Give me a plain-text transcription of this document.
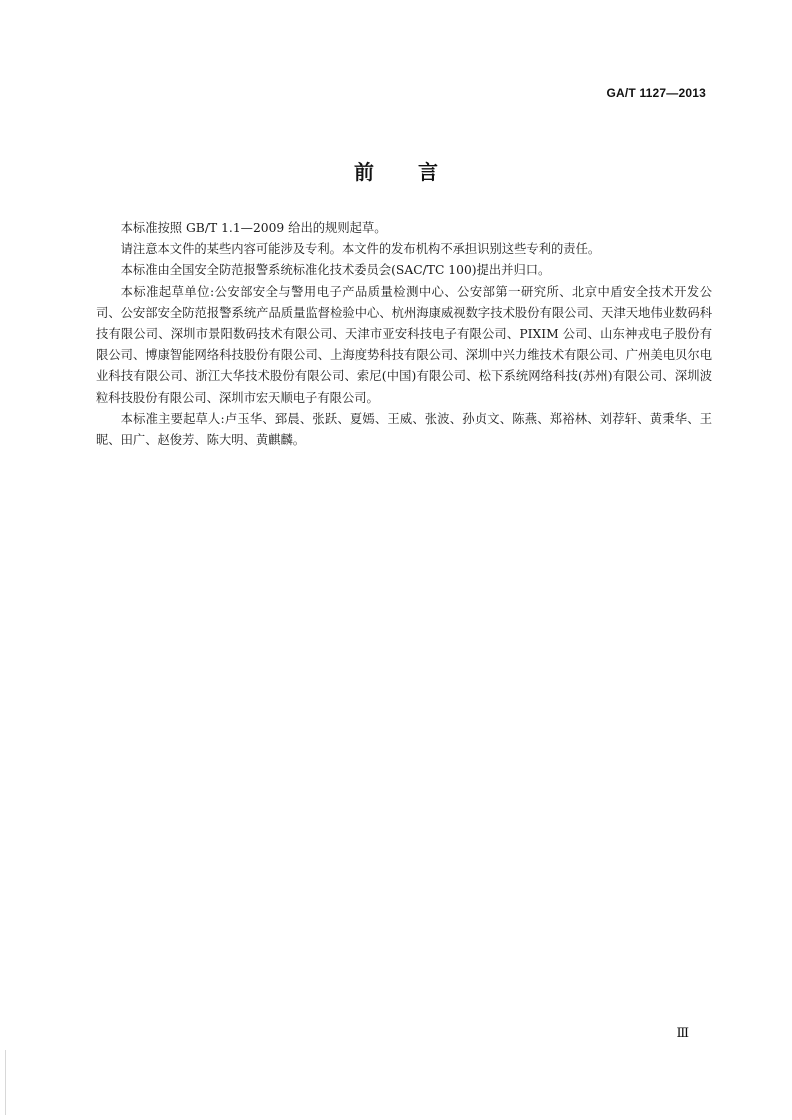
GA/T 1127—2013
前言

本标准按照 GB/T 1.1—2009 给出的规则起草。

请注意本文件的某些内容可能涉及专利。本文件的发布机构不承担识别这些专利的责任。

本标准由全国安全防范报警系统标准化技术委员会(SAC/TC 100)提出并归口。

本标准起草单位:公安部安全与警用电子产品质量检测中心、公安部第一研究所、北京中盾安全技术开发公司、公安部安全防范报警系统产品质量监督检验中心、杭州海康威视数字技术股份有限公司、天津天地伟业数码科技有限公司、深圳市景阳数码技术有限公司、天津市亚安科技电子有限公司、PIXIM 公司、山东神戎电子股份有限公司、博康智能网络科技股份有限公司、上海度势科技有限公司、深圳中兴力维技术有限公司、广州美电贝尔电业科技有限公司、浙江大华技术股份有限公司、索尼(中国)有限公司、松下系统网络科技(苏州)有限公司、深圳波粒科技股份有限公司、深圳市宏天顺电子有限公司。

本标准主要起草人:卢玉华、郅晨、张跃、夏嫣、王威、张波、孙贞文、陈燕、郑裕林、刘荐轩、黄秉华、王昵、田广、赵俊芳、陈大明、黄麒麟。

Ⅲ
